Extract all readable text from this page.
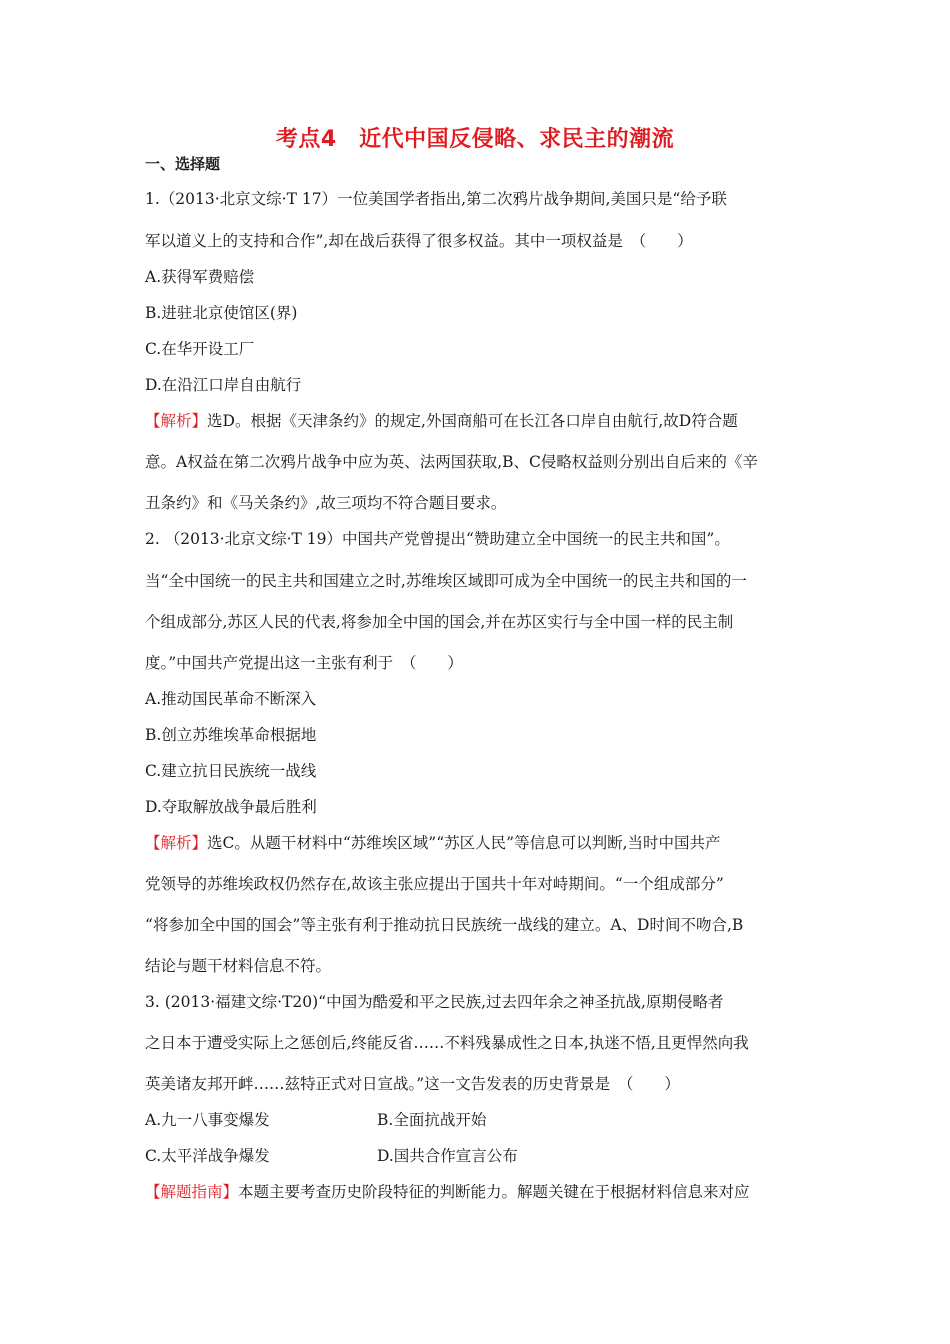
考点4　近代中国反侵略、求民主的潮流
一、选择题
1.（2013·北京文综·T 17）一位美国学者指出,第二次鸦片战争期间,美国只是“给予联
军以道义上的支持和合作”,却在战后获得了很多权益。其中一项权益是　（　　）
A.获得军费赔偿
B.进驻北京使馆区(界)
C.在华开设工厂
D.在沿江口岸自由航行
【解析】选D。根据《天津条约》的规定,外国商船可在长江各口岸自由航行,故D符合题
意。A权益在第二次鸦片战争中应为英、法两国获取,B、C侵略权益则分别出自后来的《辛
丑条约》和《马关条约》,故三项均不符合题目要求。
2. （2013·北京文综·T 19）中国共产党曾提出“赞助建立全中国统一的民主共和国”。
当“全中国统一的民主共和国建立之时,苏维埃区域即可成为全中国统一的民主共和国的一
个组成部分,苏区人民的代表,将参加全中国的国会,并在苏区实行与全中国一样的民主制
度。”中国共产党提出这一主张有利于　（　　）
A.推动国民革命不断深入
B.创立苏维埃革命根据地
C.建立抗日民族统一战线
D.夺取解放战争最后胜利
【解析】选C。从题干材料中“苏维埃区域”“苏区人民”等信息可以判断,当时中国共产
党领导的苏维埃政权仍然存在,故该主张应提出于国共十年对峙期间。“一个组成部分”
“将参加全中国的国会”等主张有利于推动抗日民族统一战线的建立。A、D时间不吻合,B
结论与题干材料信息不符。
3. (2013·福建文综·T20)“中国为酷爱和平之民族,过去四年余之神圣抗战,原期侵略者
之日本于遭受实际上之惩创后,终能反省……不料残暴成性之日本,执迷不悟,且更悍然向我
英美诸友邦开衅……兹特正式对日宣战。”这一文告发表的历史背景是　（　　）
A.九一八事变爆发	B.全面抗战开始
C.太平洋战争爆发	D.国共合作宣言公布
【解题指南】本题主要考查历史阶段特征的判断能力。解题关键在于根据材料信息来对应
